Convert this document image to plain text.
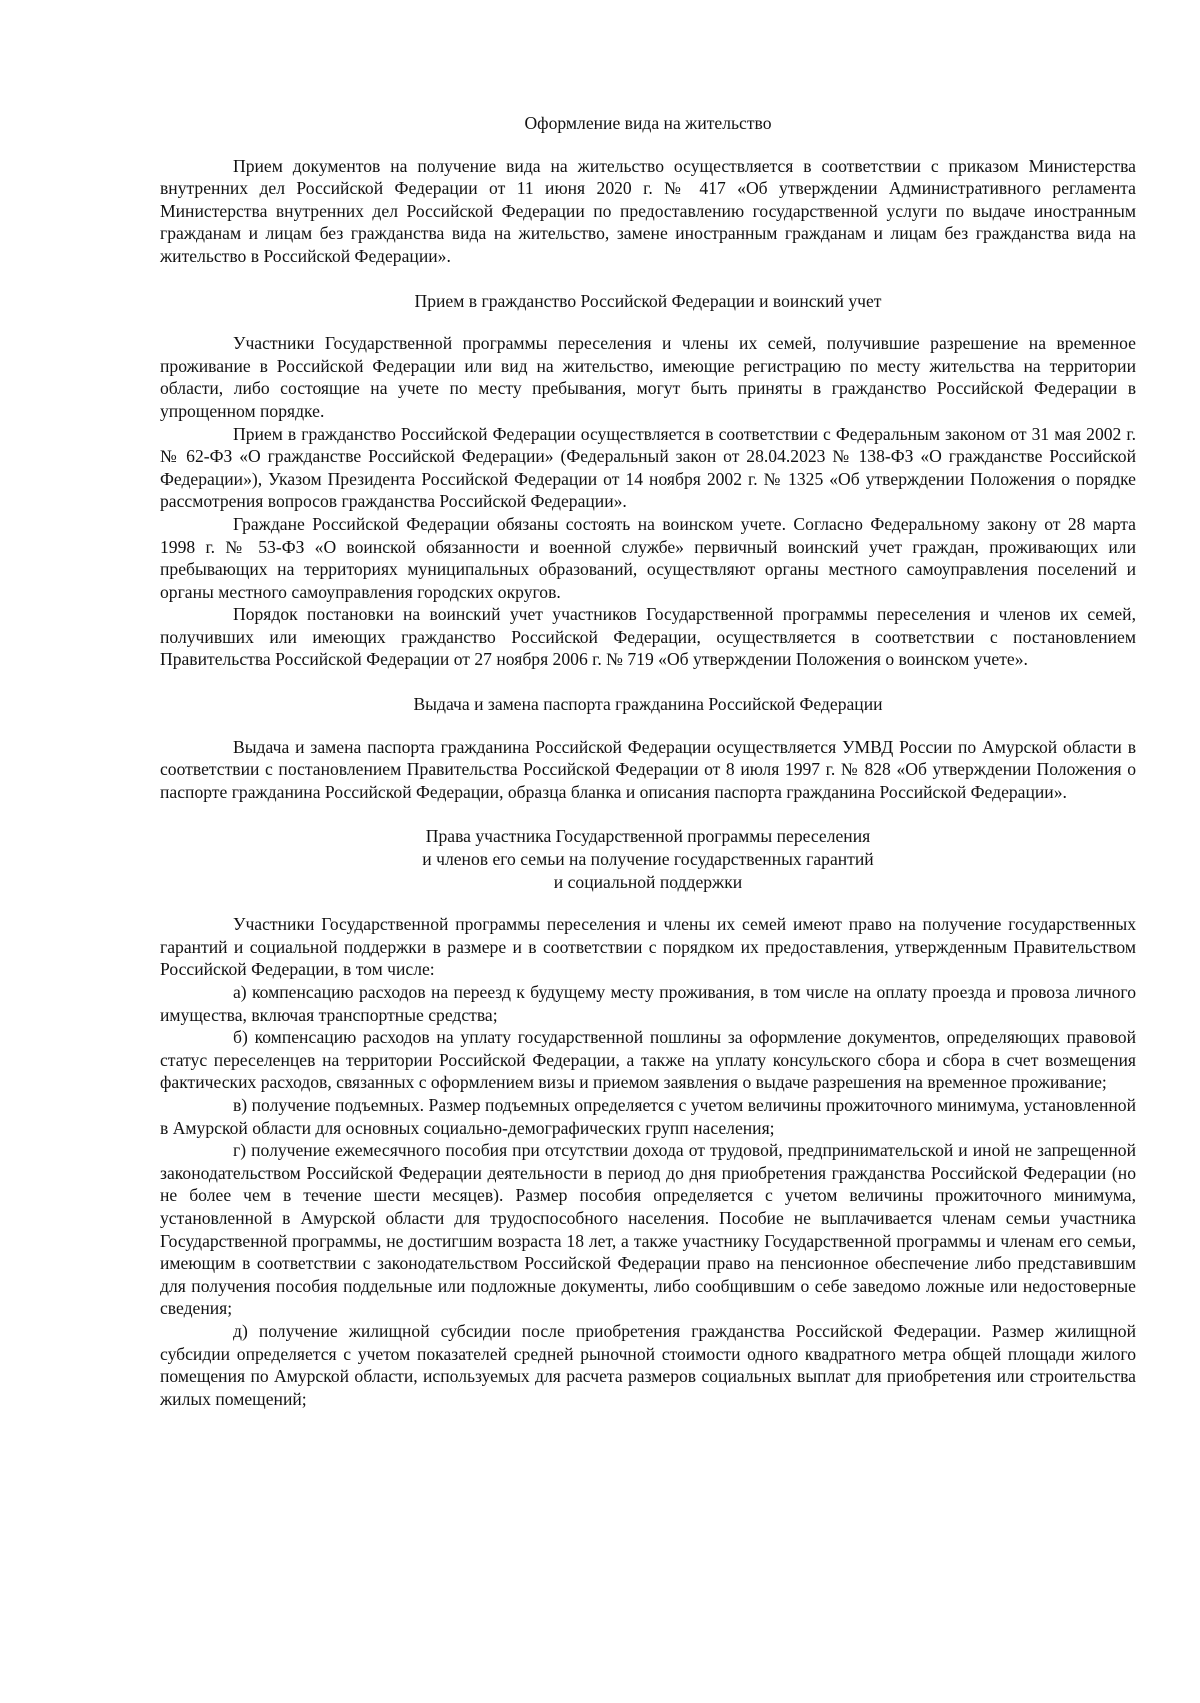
Оформление вида на жительство

Прием документов на получение вида на жительство осуществляется в соответствии с приказом Министерства внутренних дел Российской Федерации от 11 июня 2020 г. № 417 «Об утверждении Административного регламента Министерства внутренних дел Российской Федерации по предоставлению государственной услуги по выдаче иностранным гражданам и лицам без гражданства вида на жительство, замене иностранным гражданам и лицам без гражданства вида на жительство в Российской Федерации».

Прием в гражданство Российской Федерации и воинский учет

Участники Государственной программы переселения и члены их семей, получившие разрешение на временное проживание в Российской Федерации или вид на жительство, имеющие регистрацию по месту жительства на территории области, либо состоящие на учете по месту пребывания, могут быть приняты в гражданство Российской Федерации в упрощенном порядке.

Прием в гражданство Российской Федерации осуществляется в соответствии с Федеральным законом от 31 мая 2002 г. № 62-ФЗ «О гражданстве Российской Федерации» (Федеральный закон от 28.04.2023 № 138-ФЗ «О гражданстве Российской Федерации»), Указом Президента Российской Федерации от 14 ноября 2002 г. № 1325 «Об утверждении Положения о порядке рассмотрения вопросов гражданства Российской Федерации».

Граждане Российской Федерации обязаны состоять на воинском учете. Согласно Федеральному закону от 28 марта 1998 г. № 53-ФЗ «О воинской обязанности и военной службе» первичный воинский учет граждан, проживающих или пребывающих на территориях муниципальных образований, осуществляют органы местного самоуправления поселений и органы местного самоуправления городских округов.

Порядок постановки на воинский учет участников Государственной программы переселения и членов их семей, получивших или имеющих гражданство Российской Федерации, осуществляется в соответствии с постановлением Правительства Российской Федерации от 27 ноября 2006 г. № 719 «Об утверждении Положения о воинском учете».

Выдача и замена паспорта гражданина Российской Федерации

Выдача и замена паспорта гражданина Российской Федерации осуществляется УМВД России по Амурской области в соответствии с постановлением Правительства Российской Федерации от 8 июля 1997 г. № 828 «Об утверждении Положения о паспорте гражданина Российской Федерации, образца бланка и описания паспорта гражданина Российской Федерации».

Права участника Государственной программы переселения
и членов его семьи на получение государственных гарантий
и социальной поддержки

Участники Государственной программы переселения и члены их семей имеют право на получение государственных гарантий и социальной поддержки в размере и в соответствии с порядком их предоставления, утвержденным Правительством Российской Федерации, в том числе:

а) компенсацию расходов на переезд к будущему месту проживания, в том числе на оплату проезда и провоза личного имущества, включая транспортные средства;

б) компенсацию расходов на уплату государственной пошлины за оформление документов, определяющих правовой статус переселенцев на территории Российской Федерации, а также на уплату консульского сбора и сбора в счет возмещения фактических расходов, связанных с оформлением визы и приемом заявления о выдаче разрешения на временное проживание;

в) получение подъемных. Размер подъемных определяется с учетом величины прожиточного минимума, установленной в Амурской области для основных социально-демографических групп населения;

г) получение ежемесячного пособия при отсутствии дохода от трудовой, предпринимательской и иной не запрещенной законодательством Российской Федерации деятельности в период до дня приобретения гражданства Российской Федерации (но не более чем в течение шести месяцев). Размер пособия определяется с учетом величины прожиточного минимума, установленной в Амурской области для трудоспособного населения. Пособие не выплачивается членам семьи участника Государственной программы, не достигшим возраста 18 лет, а также участнику Государственной программы и членам его семьи, имеющим в соответствии с законодательством Российской Федерации право на пенсионное обеспечение либо представившим для получения пособия поддельные или подложные документы, либо сообщившим о себе заведомо ложные или недостоверные сведения;

д) получение жилищной субсидии после приобретения гражданства Российской Федерации. Размер жилищной субсидии определяется с учетом показателей средней рыночной стоимости одного квадратного метра общей площади жилого помещения по Амурской области, используемых для расчета размеров социальных выплат для приобретения или строительства жилых помещений;
